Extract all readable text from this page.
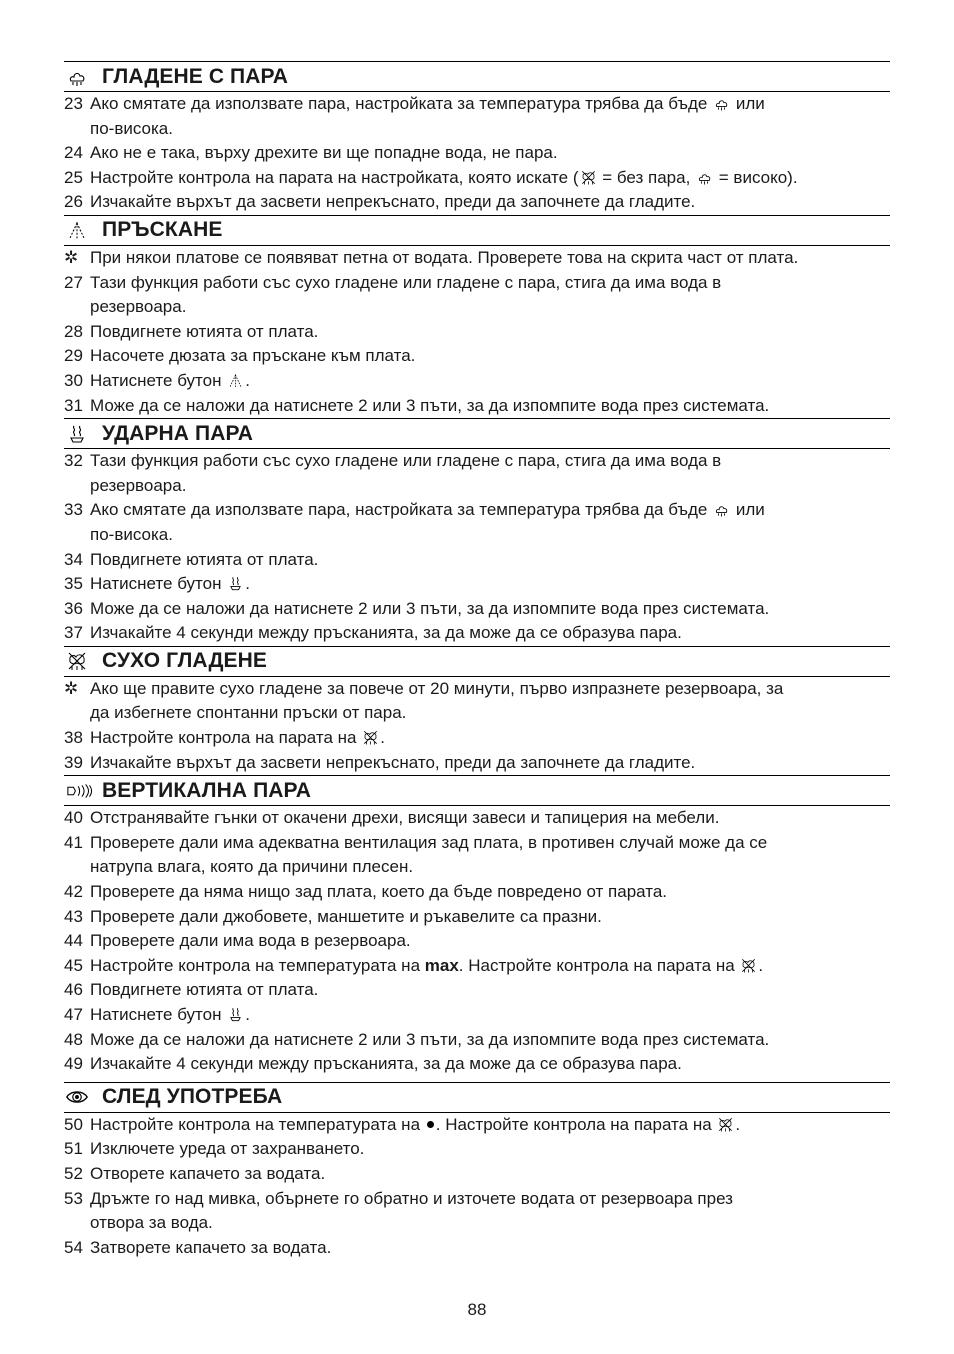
ГЛАДЕНЕ С ПАРА
23 Ако смятате да използвате пара, настройката за температура трябва да бъде  или
по-висока.
24 Ако не е така, върху дрехите ви ще попадне вода, не пара.
25 Настройте контрола на парата на настройката, която искате ( = без пара,  = високо).
26 Изчакайте върхът да засвети непрекъснато, преди да започнете да гладите.
ПРЪСКАНЕ
✲ При някои платове се появяват петна от водата. Проверете това на скрита част от плата.
27 Тази функция работи със сухо гладене или гладене с пара, стига да има вода в
резервоара.
28 Повдигнете ютията от плата.
29 Насочете дюзата за пръскане към плата.
30 Натиснете бутон .
31 Може да се наложи да натиснете 2 или 3 пъти, за да изпомпите вода през системата.
УДАРНА ПАРА
32 Тази функция работи със сухо гладене или гладене с пара, стига да има вода в
резервоара.
33 Ако смятате да използвате пара, настройката за температура трябва да бъде  или
по-висока.
34 Повдигнете ютията от плата.
35 Натиснете бутон .
36 Може да се наложи да натиснете 2 или 3 пъти, за да изпомпите вода през системата.
37 Изчакайте 4 секунди между пръсканията, за да може да се образува пара.
СУХО ГЛАДЕНЕ
✲ Ако ще правите сухо гладене за повече от 20 минути, първо изпразнете резервоара, за
да избегнете спонтанни пръски от пара.
38 Настройте контрола на парата на .
39 Изчакайте върхът да засвети непрекъснато, преди да започнете да гладите.
ВЕРТИКАЛНА ПАРА
40 Отстранявайте гънки от окачени дрехи, висящи завеси и тапицерия на мебели.
41 Проверете дали има адекватна вентилация зад плата, в противен случай може да се
натрупа влага, която да причини плесен.
42 Проверете да няма нищо зад плата, което да бъде повредено от парата.
43 Проверете дали джобовете, маншетите и ръкавелите са празни.
44 Проверете дали има вода в резервоара.
45 Настройте контрола на температурата на max. Настройте контрола на парата на .
46 Повдигнете ютията от плата.
47 Натиснете бутон .
48 Може да се наложи да натиснете 2 или 3 пъти, за да изпомпите вода през системата.
49 Изчакайте 4 секунди между пръсканията, за да може да се образува пара.
СЛЕД УПОТРЕБА
50 Настройте контрола на температурата на . Настройте контрола на парата на .
51 Изключете уреда от захранването.
52 Отворете капачето за водата.
53 Дръжте го над мивка, обърнете го обратно и източете водата от резервоара през
отвора за вода.
54 Затворете капачето за водата.
88
